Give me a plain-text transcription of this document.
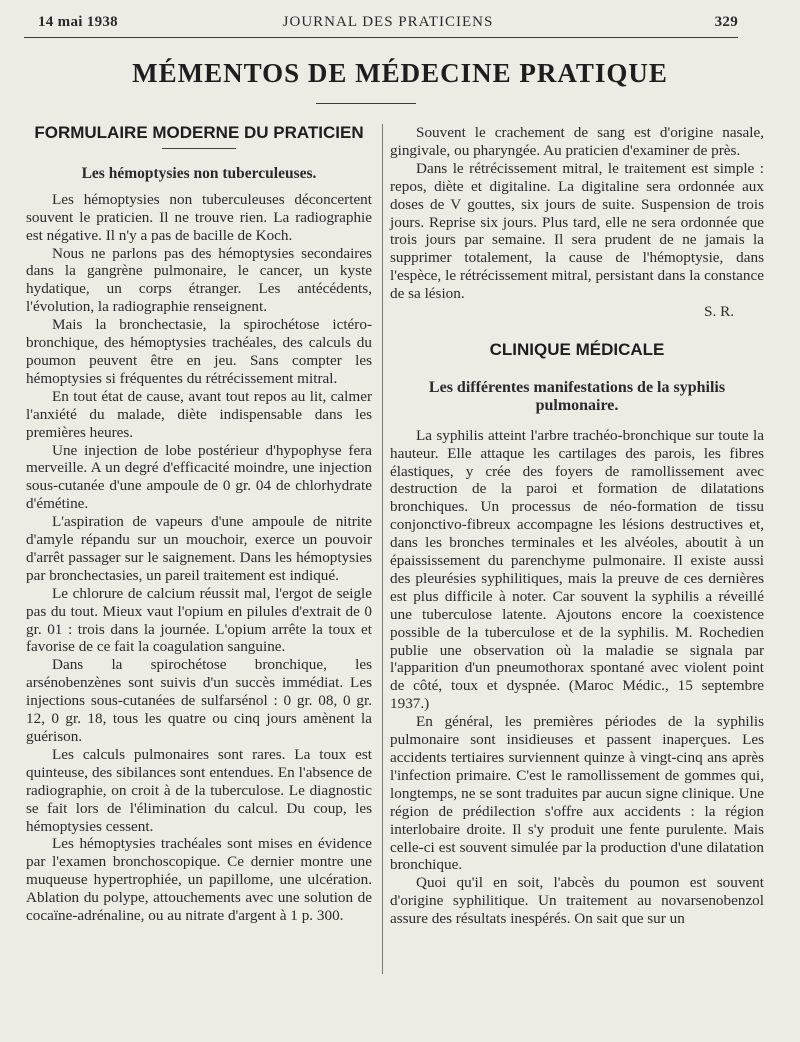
14 mai 1938	JOURNAL DES PRATICIENS	329
MÉMENTOS DE MÉDECINE PRATIQUE
FORMULAIRE MODERNE DU PRATICIEN

Les hémoptysies non tuberculeuses.

Les hémoptysies non tuberculeuses déconcertent souvent le praticien. Il ne trouve rien. La radiographie est négative. Il n'y a pas de bacille de Koch.

Nous ne parlons pas des hémoptysies secondaires dans la gangrène pulmonaire, le cancer, un kyste hydatique, un corps étranger. Les antécédents, l'évolution, la radiographie renseignent.

Mais la bronchectasie, la spirochétose ictéro-bronchique, des hémoptysies trachéales, des calculs du poumon peuvent être en jeu. Sans compter les hémoptysies si fréquentes du rétrécissement mitral.

En tout état de cause, avant tout repos au lit, calmer l'anxiété du malade, diète indispensable dans les premières heures.

Une injection de lobe postérieur d'hypophyse fera merveille. A un degré d'efficacité moindre, une injection sous-cutanée d'une ampoule de 0 gr. 04 de chlorhydrate d'émétine.

L'aspiration de vapeurs d'une ampoule de nitrite d'amyle répandu sur un mouchoir, exerce un pouvoir d'arrêt passager sur le saignement. Dans les hémoptysies par bronchectasies, un pareil traitement est indiqué.

Le chlorure de calcium réussit mal, l'ergot de seigle pas du tout. Mieux vaut l'opium en pilules d'extrait de 0 gr. 01 : trois dans la journée. L'opium arrête la toux et favorise de ce fait la coagulation sanguine.

Dans la spirochétose bronchique, les arsénobenzènes sont suivis d'un succès immédiat. Les injections sous-cutanées de sulfarsénol : 0 gr. 08, 0 gr. 12, 0 gr. 18, tous les quatre ou cinq jours amènent la guérison.

Les calculs pulmonaires sont rares. La toux est quinteuse, des sibilances sont entendues. En l'absence de radiographie, on croit à de la tuberculose. Le diagnostic se fait lors de l'élimination du calcul. Du coup, les hémoptysies cessent.

Les hémoptysies trachéales sont mises en évidence par l'examen bronchoscopique. Ce dernier montre une muqueuse hypertrophiée, un papillome, une ulcération. Ablation du polype, attouchements avec une solution de cocaïne-adrénaline, ou au nitrate d'argent à 1 p. 300.

Souvent le crachement de sang est d'origine nasale, gingivale, ou pharyngée. Au praticien d'examiner de près.

Dans le rétrécissement mitral, le traitement est simple : repos, diète et digitaline. La digitaline sera ordonnée aux doses de V gouttes, six jours de suite. Suspension de trois jours. Reprise six jours. Plus tard, elle ne sera ordonnée que trois jours par semaine. Il sera prudent de ne jamais la supprimer totalement, la cause de l'hémoptysie, dans l'espèce, le rétrécissement mitral, persistant dans la constance de sa lésion.

S. R.

CLINIQUE MÉDICALE

Les différentes manifestations de la syphilis pulmonaire.

La syphilis atteint l'arbre trachéo-bronchique sur toute la hauteur. Elle attaque les cartilages des parois, les fibres élastiques, y crée des foyers de ramollissement avec destruction de la paroi et formation de dilatations bronchiques. Un processus de néo-formation de tissu conjonctivo-fibreux accompagne les lésions destructives et, dans les bronches terminales et les alvéoles, aboutit à un épaississement du parenchyme pulmonaire. Il existe aussi des pleurésies syphilitiques, mais la preuve de ces dernières est plus difficile à noter. Car souvent la syphilis a réveillé une tuberculose latente. Ajoutons encore la coexistence possible de la tuberculose et de la syphilis. M. Rochedien publie une observation où la maladie se signala par l'apparition d'un pneumothorax spontané avec violent point de côté, toux et dyspnée. (Maroc Médic., 15 septembre 1937.)

En général, les premières périodes de la syphilis pulmonaire sont insidieuses et passent inaperçues. Les accidents tertiaires surviennent quinze à vingt-cinq ans après l'infection primaire. C'est le ramollissement de gommes qui, longtemps, ne se sont traduites par aucun signe clinique. Une région de prédilection s'offre aux accidents : la région interlobaire droite. Il s'y produit une fente purulente. Mais celle-ci est souvent simulée par la production d'une dilatation bronchique.

Quoi qu'il en soit, l'abcès du poumon est souvent d'origine syphilitique. Un traitement au novarsenobenzol assure des résultats inespérés. On sait que sur un
